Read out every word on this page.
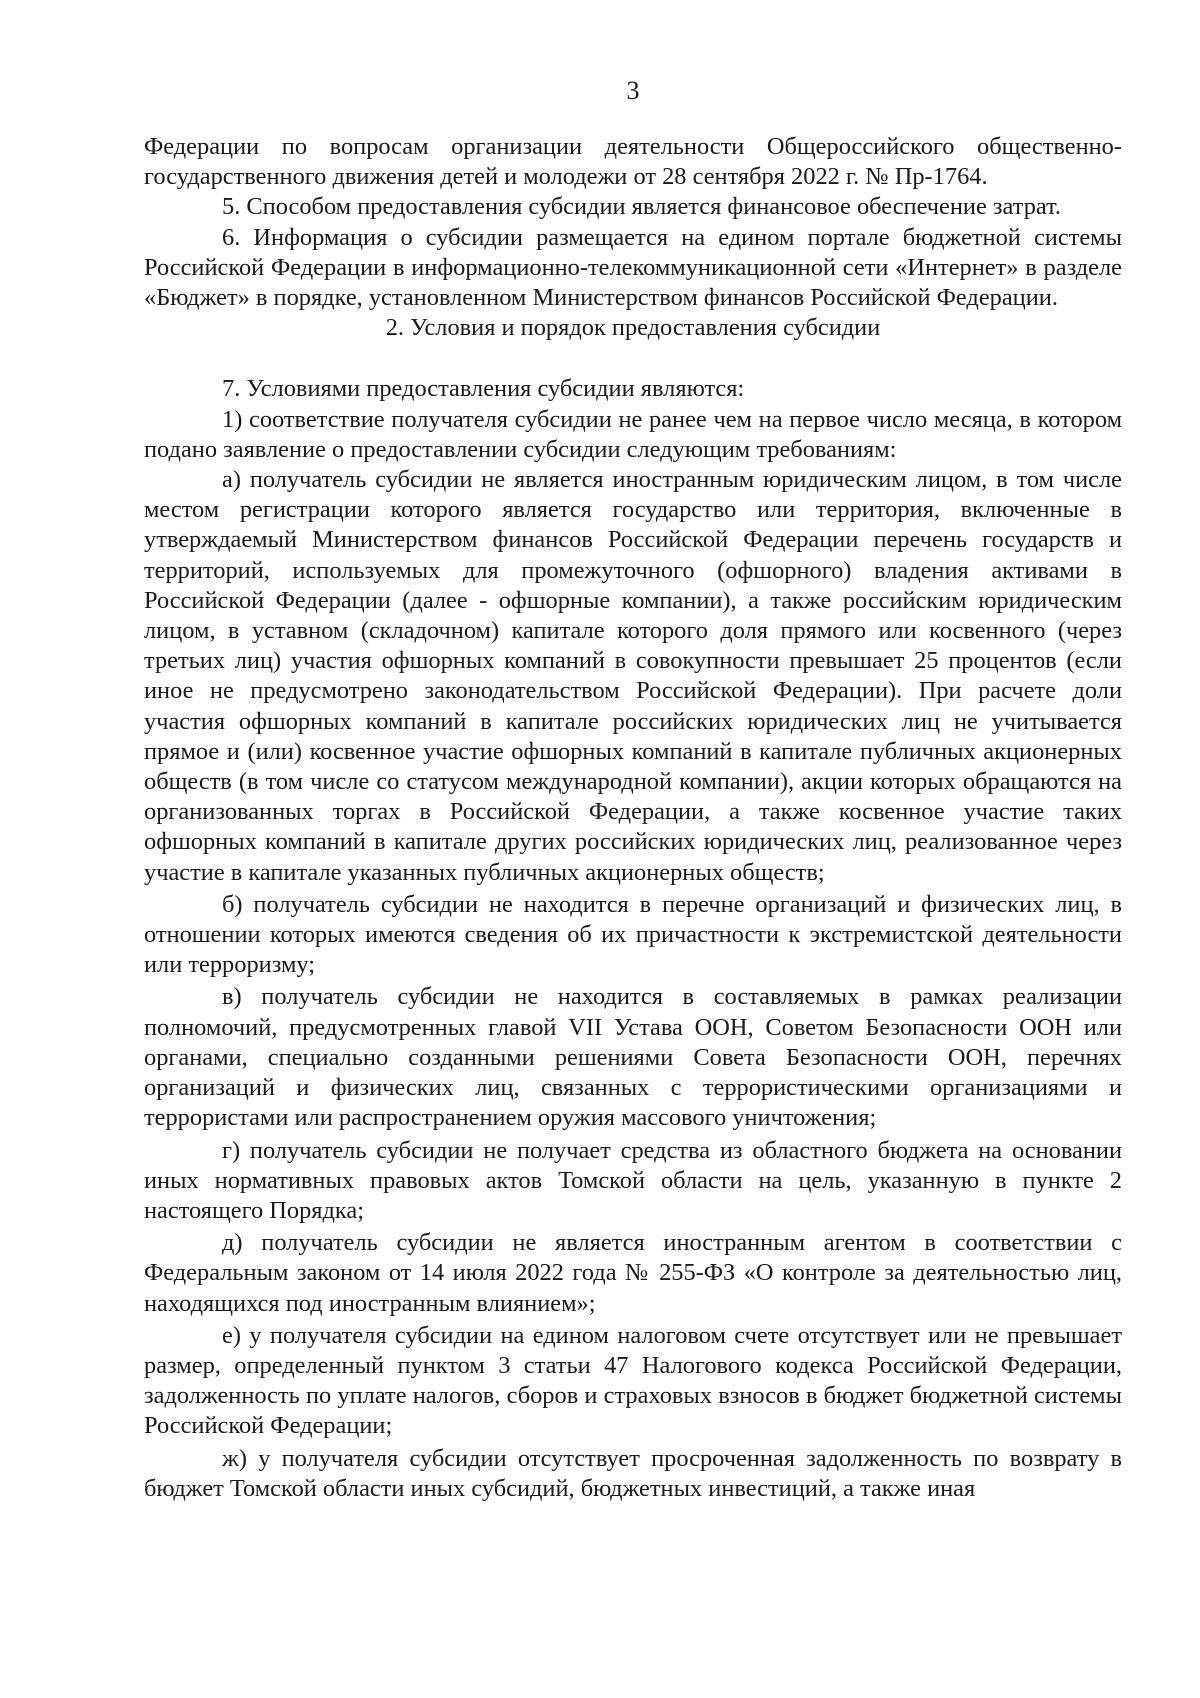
3

Федерации по вопросам организации деятельности Общероссийского общественно-государственного движения детей и молодежи от 28 сентября 2022 г. № Пр-1764.

5. Способом предоставления субсидии является финансовое обеспечение затрат.

6. Информация о субсидии размещается на едином портале бюджетной системы Российской Федерации в информационно-телекоммуникационной сети «Интернет» в разделе «Бюджет» в порядке, установленном Министерством финансов Российской Федерации.

2. Условия и порядок предоставления субсидии

7. Условиями предоставления субсидии являются:

1) соответствие получателя субсидии не ранее чем на первое число месяца, в котором подано заявление о предоставлении субсидии следующим требованиям:

а) получатель субсидии не является иностранным юридическим лицом, в том числе местом регистрации которого является государство или территория, включенные в утверждаемый Министерством финансов Российской Федерации перечень государств и территорий, используемых для промежуточного (офшорного) владения активами в Российской Федерации (далее - офшорные компании), а также российским юридическим лицом, в уставном (складочном) капитале которого доля прямого или косвенного (через третьих лиц) участия офшорных компаний в совокупности превышает 25 процентов (если иное не предусмотрено законодательством Российской Федерации). При расчете доли участия офшорных компаний в капитале российских юридических лиц не учитывается прямое и (или) косвенное участие офшорных компаний в капитале публичных акционерных обществ (в том числе со статусом международной компании), акции которых обращаются на организованных торгах в Российской Федерации, а также косвенное участие таких офшорных компаний в капитале других российских юридических лиц, реализованное через участие в капитале указанных публичных акционерных обществ;

б) получатель субсидии не находится в перечне организаций и физических лиц, в отношении которых имеются сведения об их причастности к экстремистской деятельности или терроризму;

в) получатель субсидии не находится в составляемых в рамках реализации полномочий, предусмотренных главой VII Устава ООН, Советом Безопасности ООН или органами, специально созданными решениями Совета Безопасности ООН, перечнях организаций и физических лиц, связанных с террористическими организациями и террористами или распространением оружия массового уничтожения;

г) получатель субсидии не получает средства из областного бюджета на основании иных нормативных правовых актов Томской области на цель, указанную в пункте 2 настоящего Порядка;

д) получатель субсидии не является иностранным агентом в соответствии с Федеральным законом от 14 июля 2022 года № 255-ФЗ «О контроле за деятельностью лиц, находящихся под иностранным влиянием»;

е) у получателя субсидии на едином налоговом счете отсутствует или не превышает размер, определенный пунктом 3 статьи 47 Налогового кодекса Российской Федерации, задолженность по уплате налогов, сборов и страховых взносов в бюджет бюджетной системы Российской Федерации;

ж) у получателя субсидии отсутствует просроченная задолженность по возврату в бюджет Томской области иных субсидий, бюджетных инвестиций, а также иная
